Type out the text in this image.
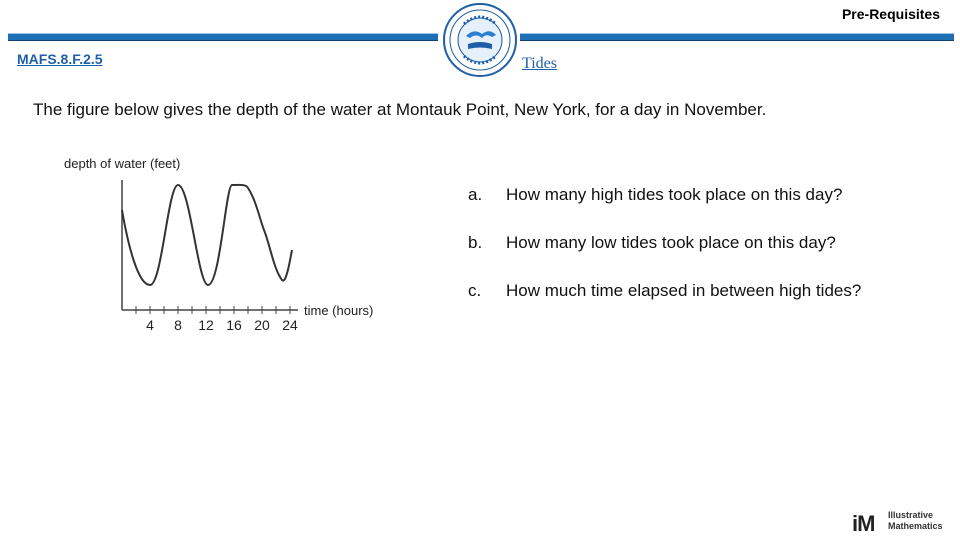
Pre-Requisites
MAFS.8.F.2.5	Tides
The figure below gives the depth of the water at Montauk Point, New York, for a day in November.
depth of water (feet)
4 8 12 16 20 24
time (hours)
a.	How many high tides took place on this day?
b.	How many low tides took place on this day?
c.	How much time elapsed in between high tides?
iM Illustrative
Mathematics
